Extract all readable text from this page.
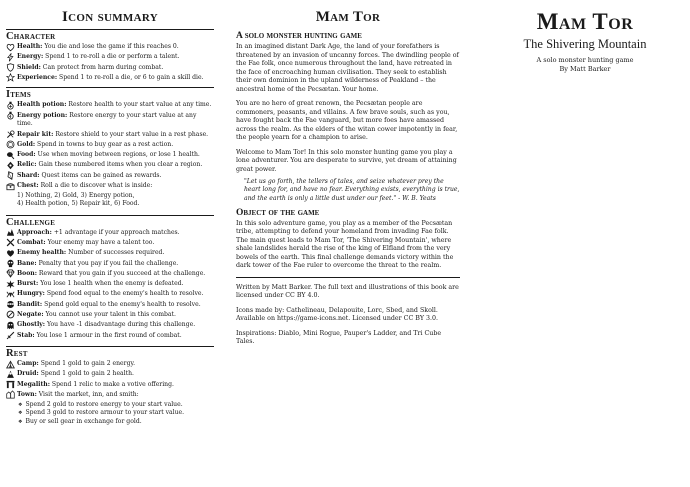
Icon summary
Character
Health: You die and lose the game if this reaches 0.
Energy: Spend 1 to re-roll a die or perform a talent.
Shield: Can protect from harm during combat.
Experience: Spend 1 to re-roll a die, or 6 to gain a skill die.
Items
Health potion: Restore health to your start value at any time.
Energy potion: Restore energy to your start value at any time.
Repair kit: Restore shield to your start value in a rest phase.
Gold: Spend in towns to buy gear as a rest action.
Food: Use when moving between regions, or lose 1 health.
Relic: Gain these numbered items when you clear a region.
Shard: Quest items can be gained as rewards.
Chest: Roll a die to discover what is inside:
1) Nothing, 2) Gold, 3) Energy potion,
4) Health potion, 5) Repair kit, 6) Food.
Challenge
Approach: +1 advantage if your approach matches.
Combat: Your enemy may have a talent too.
Enemy health: Number of successes required.
Bane: Penalty that you pay if you fail the challenge.
Boon: Reward that you gain if you succeed at the challenge.
Burst: You lose 1 health when the enemy is defeated.
Hungry: Spend food equal to the enemy's health to resolve.
Bandit: Spend gold equal to the enemy's health to resolve.
Negate: You cannot use your talent in this combat.
Ghostly: You have -1 disadvantage during this challenge.
Stab: You lose 1 armour in the first round of combat.
Rest
Camp: Spend 1 gold to gain 2 energy.
Druid: Spend 1 gold to gain 2 health.
Megalith: Spend 1 relic to make a votive offering.
Town: Visit the market, inn, and smith:
❖ Spend 2 gold to restore energy to your start value.
❖ Spend 3 gold to restore armour to your start value.
❖ Buy or sell gear in exchange for gold.
Mam Tor
A solo monster hunting game

In an imagined distant Dark Age, the land of your forefathers is threatened by an invasion of uncanny forces. The dwindling people of the Fae folk, once numerous throughout the land, have retreated in the face of encroaching human civilisation. They seek to establish their own dominion in the upland wilderness of Peakland – the ancestral home of the Pecsætan. Your home.

You are no hero of great renown, the Pecsætan people are commoners, peasants, and villains. A few brave souls, such as you, have fought back the Fae vanguard, but more foes have amassed across the realm. As the elders of the witan cower impotently in fear, the people yearn for a champion to arise.

Welcome to Mam Tor! In this solo monster hunting game you play a lone adventurer. You are desperate to survive, yet dream of attaining great power.

"Let us go forth, the tellers of tales, and seize whatever prey the heart long for, and have no fear. Everything exists, everything is true, and the earth is only a little dust under our feet." - W. B. Yeats

Object of the game

In this solo adventure game, you play as a member of the Pecsætan tribe, attempting to defend your homeland from invading Fae folk. The main quest leads to Mam Tor, 'The Shivering Mountain', where shale landslides herald the rise of the king of Elfland from the very bowels of the earth. This final challenge demands victory within the dark tower of the Fae ruler to overcome the threat to the realm.

Written by Matt Barker. The full text and illustrations of this book are licensed under CC BY 4.0.

Icons made by: Cathelineau, Delapouite, Lorc, Sbed, and Skoll. Available on https://game-icons.net. Licensed under CC BY 3.0.

Inspirations: Diablo, Mini Rogue, Pauper's Ladder, and Tri Cube Tales.

Mam Tor
The Shivering Mountain
A solo monster hunting game
By Matt Barker
